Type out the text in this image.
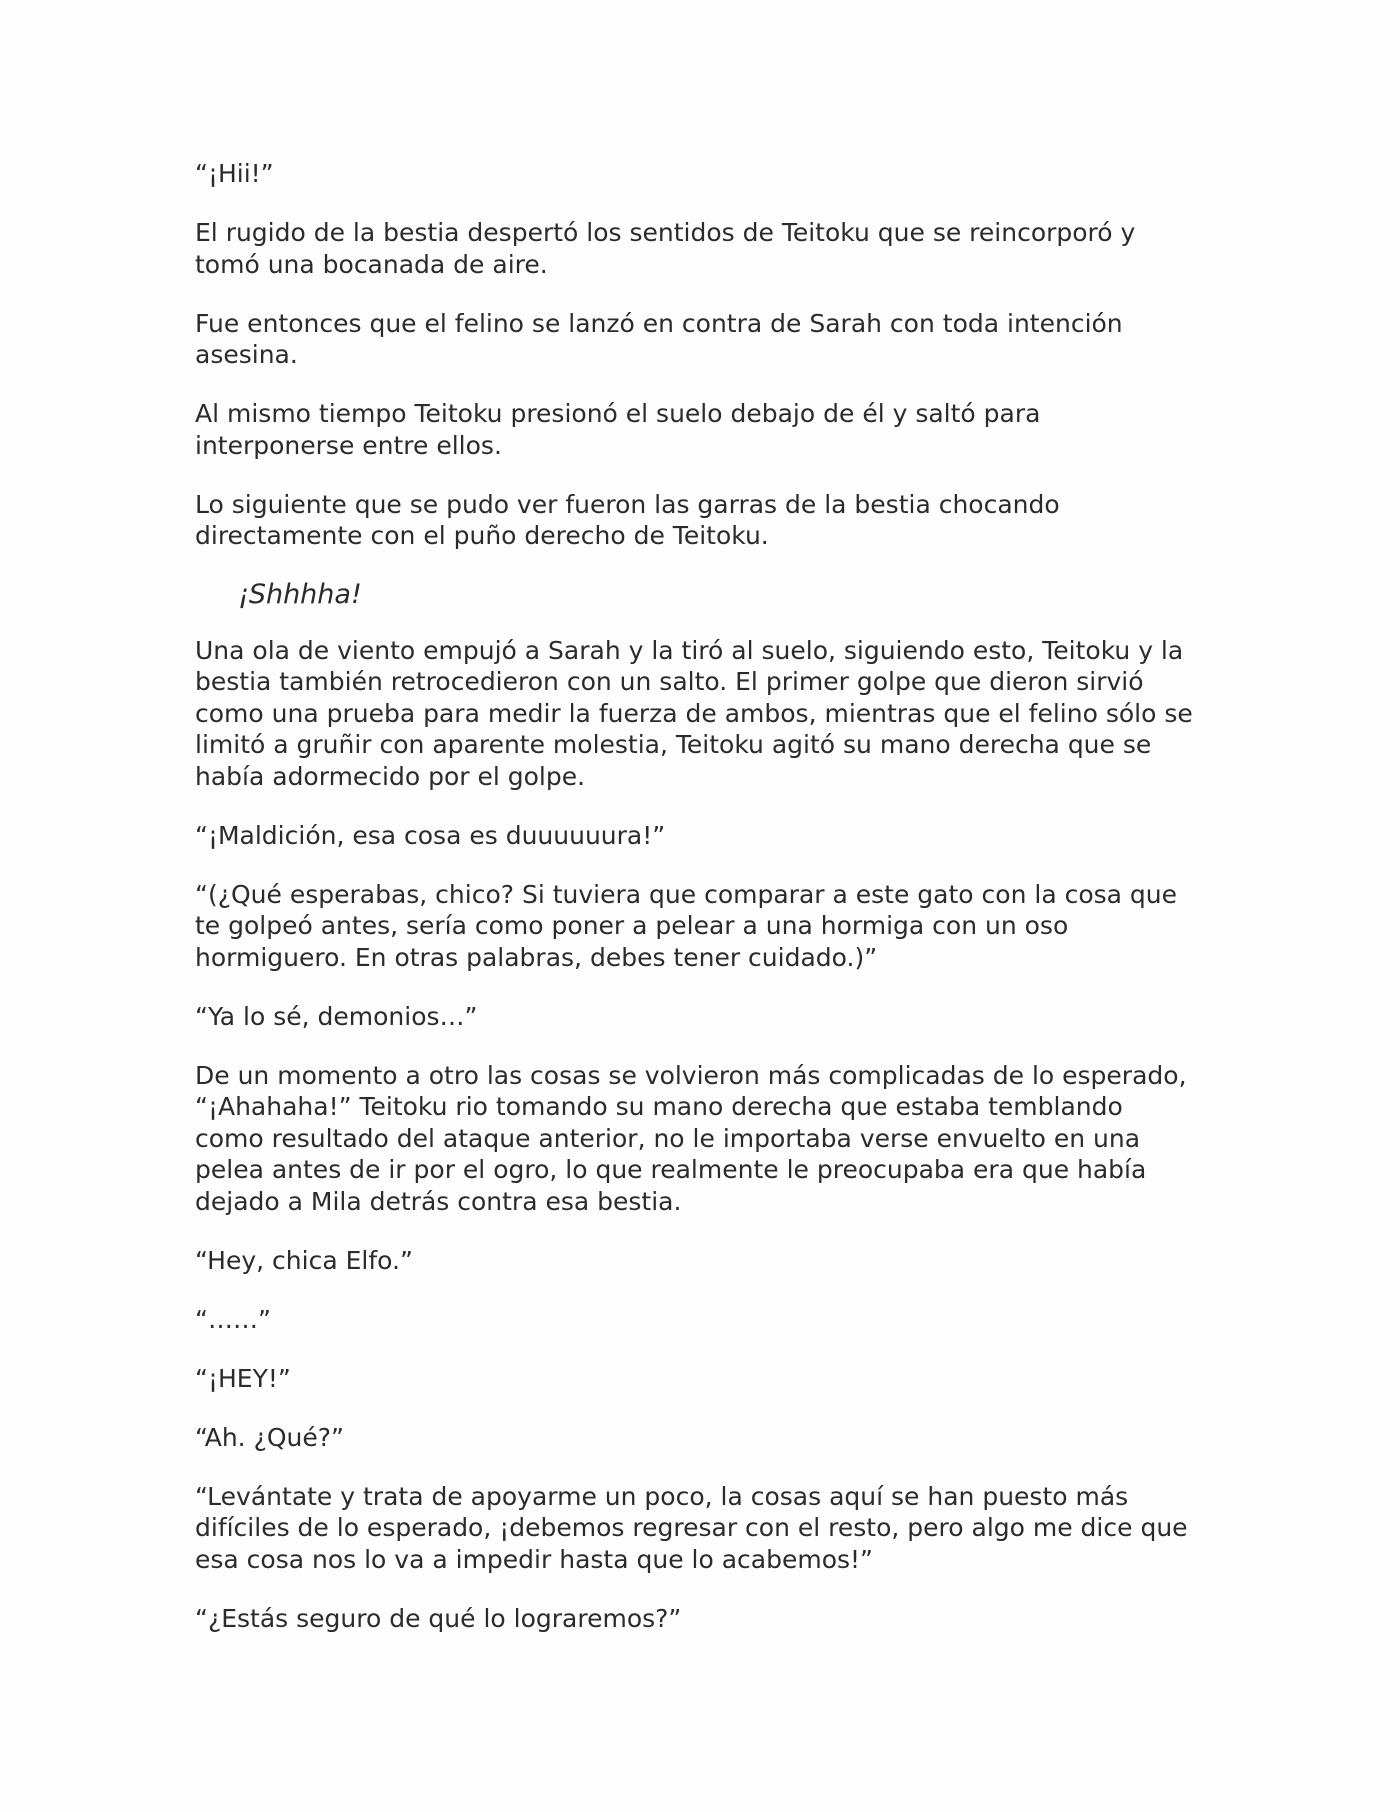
“¡Hii!”

El rugido de la bestia despertó los sentidos de Teitoku que se reincorporó y
tomó una bocanada de aire.

Fue entonces que el felino se lanzó en contra de Sarah con toda intención
asesina.

Al mismo tiempo Teitoku presionó el suelo debajo de él y saltó para
interponerse entre ellos.

Lo siguiente que se pudo ver fueron las garras de la bestia chocando
directamente con el puño derecho de Teitoku.

¡Shhhha!

Una ola de viento empujó a Sarah y la tiró al suelo, siguiendo esto, Teitoku y la
bestia también retrocedieron con un salto. El primer golpe que dieron sirvió
como una prueba para medir la fuerza de ambos, mientras que el felino sólo se
limitó a gruñir con aparente molestia, Teitoku agitó su mano derecha que se
había adormecido por el golpe.

“¡Maldición, esa cosa es duuuuuura!”

“(¿Qué esperabas, chico? Si tuviera que comparar a este gato con la cosa que
te golpeó antes, sería como poner a pelear a una hormiga con un oso
hormiguero. En otras palabras, debes tener cuidado.)”

“Ya lo sé, demonios…”

De un momento a otro las cosas se volvieron más complicadas de lo esperado,
“¡Ahahaha!” Teitoku rio tomando su mano derecha que estaba temblando
como resultado del ataque anterior, no le importaba verse envuelto en una
pelea antes de ir por el ogro, lo que realmente le preocupaba era que había
dejado a Mila detrás contra esa bestia.

“Hey, chica Elfo.”

“……”

“¡HEY!”

“Ah. ¿Qué?”

“Levántate y trata de apoyarme un poco, la cosas aquí se han puesto más
difíciles de lo esperado, ¡debemos regresar con el resto, pero algo me dice que
esa cosa nos lo va a impedir hasta que lo acabemos!”

“¿Estás seguro de qué lo lograremos?”
